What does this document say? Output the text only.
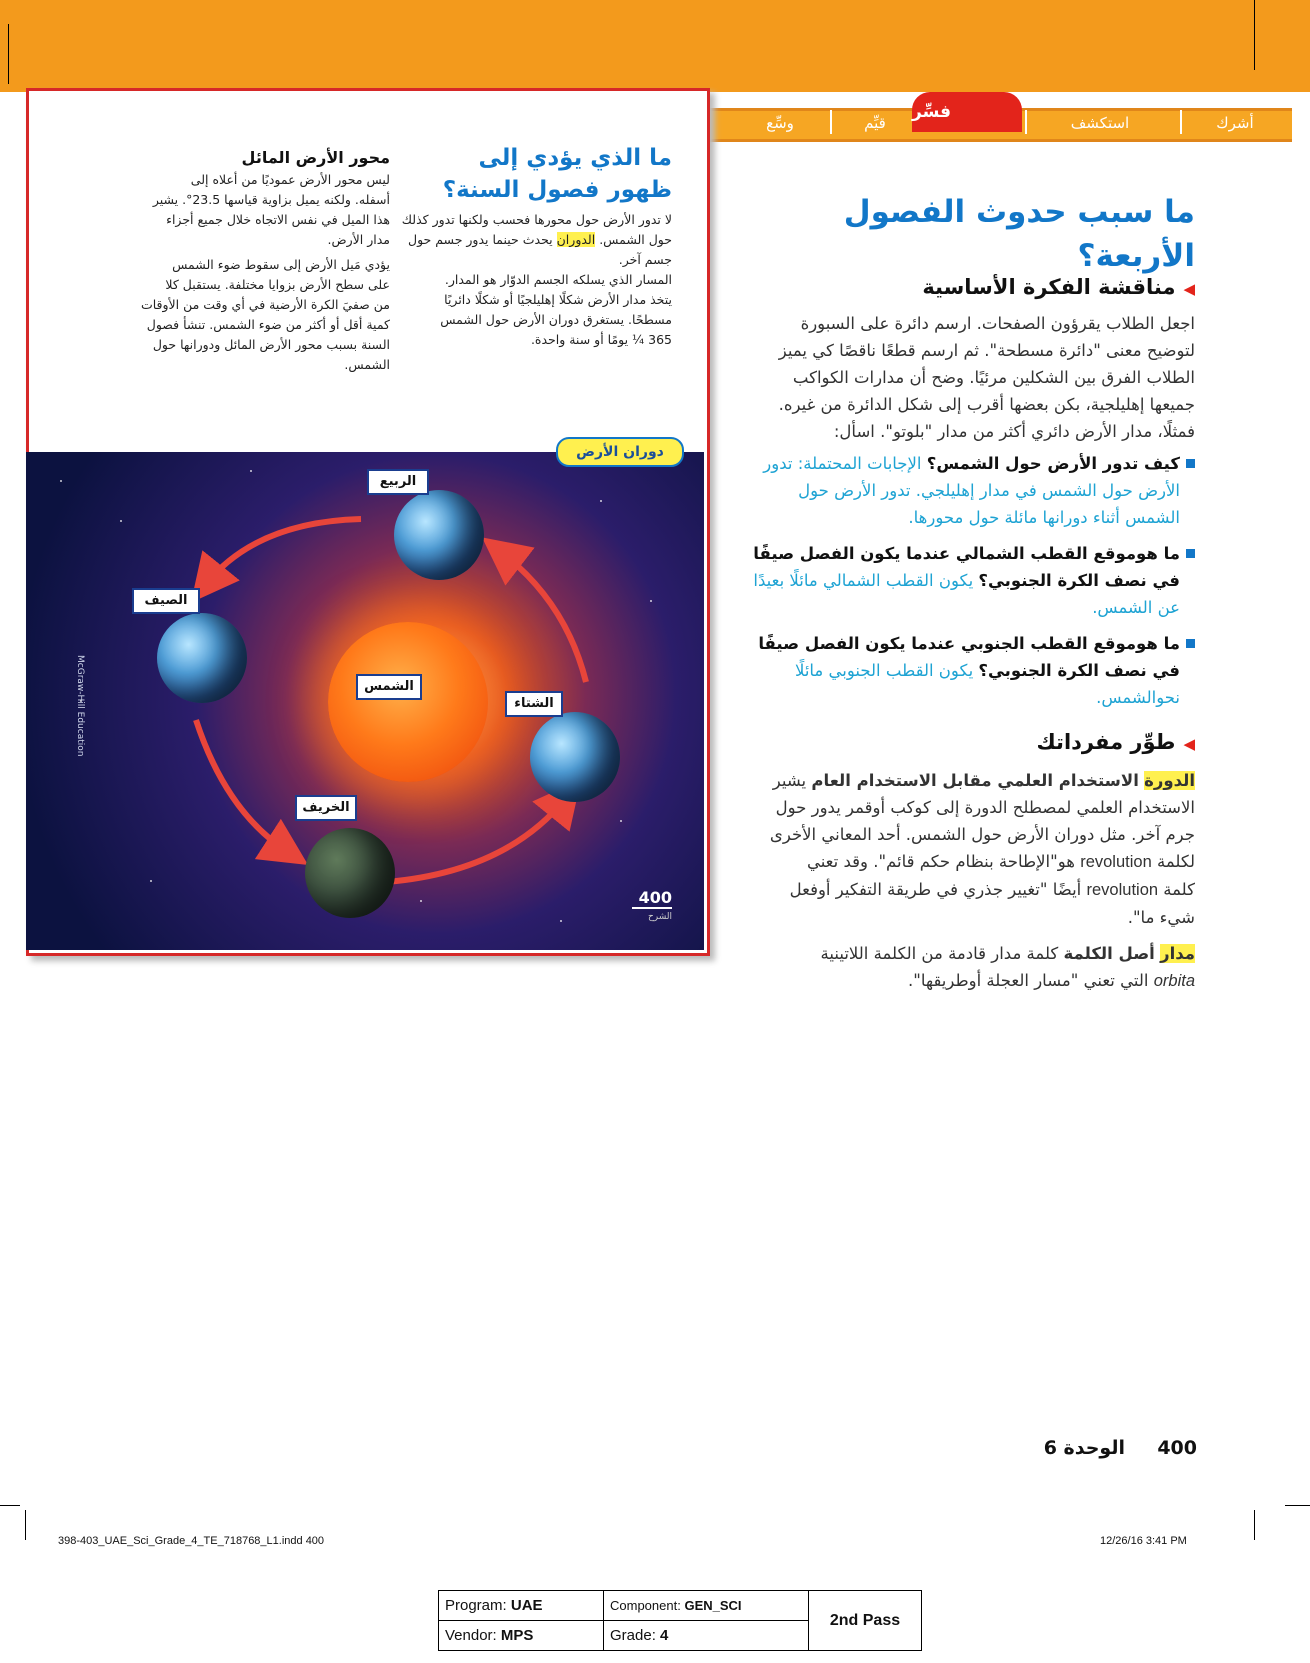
أشرك
استكشف
فسِّر
قيِّم
وسِّع
ما الذي يؤدي إلى ظهور فصول السنة؟
لا تدور الأرض حول محورها فحسب ولكنها تدور كذلك حول الشمس. الدوران يحدث حينما يدور جسم حول جسم آخر.
المسار الذي يسلكه الجسم الدوّار هو المدار.
يتخذ مدار الأرض شكلًا إهليلجيًا أو شكلًا دائريًا
مسطحًا. يستغرق دوران الأرض حول الشمس
365 ¼ يومًا أو سنة واحدة.
محور الأرض المائل
ليس محور الأرض عموديًا من أعلاه إلى
أسفله. ولكنه يميل بزاوية قياسها 23.5°. يشير
هذا الميل في نفس الاتجاه خلال جميع أجزاء
مدار الأرض.
يؤدي مَيل الأرض إلى سقوط ضوء الشمس
على سطح الأرض بزوايا مختلفة. يستقبل كلا
من صفيَ الكرة الأرضية في أي وقت من الأوقات
كمية أقل أو أكثر من ضوء الشمس. تنشأ فصول
السنة بسبب محور الأرض المائل ودورانها حول
الشمس.
الربيع
الصيف
الشمس
الشتاء
الخريف
دوران الأرض
McGraw-Hill Education
400
الشرح
ما سبب حدوث الفصول
الأربعة؟
◀مناقشة الفكرة الأساسية
اجعل الطلاب يقرؤون الصفحات. ارسم دائرة على السبورة
لتوضيح معنى "دائرة مسطحة". ثم ارسم قطعًا ناقصًا كي يميز
الطلاب الفرق بين الشكلين مرئيًا. وضح أن مدارات الكواكب
جميعها إهليلجية، بكن بعضها أقرب إلى شكل الدائرة من غيره.
فمثلًا، مدار الأرض دائري أكثر من مدار "بلوتو". اسأل:
كيف تدور الأرض حول الشمس؟ الإجابات المحتملة: تدور
الأرض حول الشمس في مدار إهليلجي. تدور الأرض حول
الشمس أثناء دورانها مائلة حول محورها.
ما هوموقع القطب الشمالي عندما يكون الفصل صيفًا
في نصف الكرة الجنوبي؟ يكون القطب الشمالي مائلًا بعيدًا
عن الشمس.
ما هوموقع القطب الجنوبي عندما يكون الفصل صيفًا
في نصف الكرة الجنوبي؟ يكون القطب الجنوبي مائلًا
نحوالشمس.
◀طوِّر مفرداتك
الدورة الاستخدام العلمي مقابل الاستخدام العام يشير
الاستخدام العلمي لمصطلح الدورة إلى كوكب أوقمر يدور حول
جرم آخر. مثل دوران الأرض حول الشمس. أحد المعاني الأخرى
لكلمة revolution هو"الإطاحة بنظام حكم قائم". وقد تعني
كلمة revolution أيضًا "تغيير جذري في طريقة التفكير أوفعل
شيء ما".
مدار أصل الكلمة كلمة مدار قادمة من الكلمة اللاتينية
orbita التي تعني "مسار العجلة أوطريقها".
400
الوحدة 6
398-403_UAE_Sci_Grade_4_TE_718768_L1.indd 400	12/26/16 3:41 PM
Program: UAE	Component: GEN_SCI	2nd Pass
Vendor: MPS	Grade: 4	
